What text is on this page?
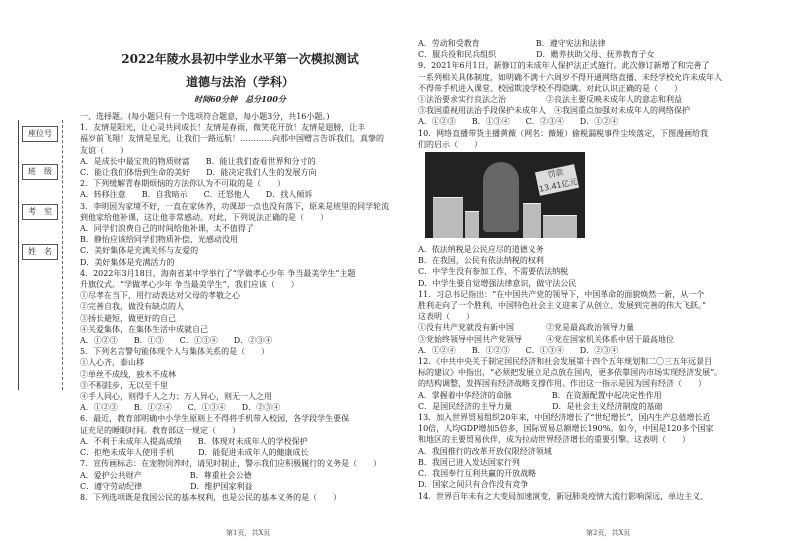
座位号
班　级
考　室
姓　名
2022年陵水县初中学业水平第一次模拟测试
道德与法治（学科）
时间60分钟　总分100分
一、选择题。(每小题只有一个选项符合题意，每小题3分，共16小题。)
1．友情是阳光，让心灵共同成长！友情是春雨，微笑花开放！友情是翅膀，让丰
福岁前飞翔！友情是星光，让我们一路远航！…………向那中国赠言告诉我们，真挚的
友谊（　　）
A．是成长中最宝贵的物质财富　　B．能让我们查看世界和分寸的
C．能让我们体悟到生命的美好　　D．能决定我们人生的发展方向
2．下列缓解青春期烦恼的方法你认为不可取的是（　　）
A．转移注意　　B．自我暗示　　C．迁怒他人　　D．找人倾诉
3．李明因为家境不好，一直在家休养，功课却一点也没有落下，原来是班里的同学轮流
到他家给他补课，这让他非常感动。对此，下列说法正确的是（　　）
A．同学们浪费自己的时间给他补课，太不值得了
B．静怡应该给同学们物质补偿，光感动没用
C．美好集体是充满关怀与友爱的
D．美好集体是充满活力的
4．2022年3月18日，海南省某中学举行了“学做孝心少年 争当最美学生”主题
升旗仪式。“学做孝心少年 争当最美学生”，我们应该（　　）
①尽孝在当下，用行动表达对父母的孝敬之心
②完善自我，做没有缺点的人
③扬长避短，做更好的自己
④关爱集体，在集体生活中成就自己
A．①②③　　B．①③　　C．①③④　　D．②③④
5．下列名言警句能体现个人与集体关系的是（　　）
①人心齐，泰山移
②单丝不成线，独木不成林
③不积跬步，无以至千里
④手人同心，则得千人之力；万人异心，则无一人之用
A．①②③　　B．①②④　　C．①③④　　D．②③④
6．最近，教育部明确中小学生原则上不得将手机带入校园，各学段学生要保
证充足的睡眠时间。教育部这一规定（　　）
A．不利于未成年人提高成绩　　B．体现对未成年人的学校保护
C．拒绝未成年人使用手机　　　D．能促进未成年人的健康成长
7．宣传画标志：在宠物饲养时，请见时制止，警示我们应积极履行的义务是（　　）
A．爱护公共财产　　　　　　B．尊重社会公德
C．遵守劳动纪律　　　　　　D．维护国家利益
8．下列选项既是我国公民的基本权利，也是公民的基本义务的是（　　）
A．劳动和受教育　　　　　　　B．遵守宪法和法律
C．服兵役和民兵组织　　　　　D．赡养扶助父母、抚养教育子女
9．2021年6月1日，新修订的未成年人保护法正式施行。此次修订新增了和完善了
一系列相关具体制度，如明确不满十六周岁不得开通网络直播、未经学校允许未成年人
不得带手机进入课堂、校园欺凌学校不得隐瞒。对此认识正确的是（　　）
①法治要求实行良法之治　　　　　②良法主要反映未成年人的意志和利益
③我国重视用法治手段保护未成年人　④我国重点加强对未成年人的网络保护
A．①②③　　B．①③④　　C．②③④　　D．①②④
10．网络直播带货主播黄薇（网名：薇娅）偷税漏税事件尘埃落定，下图漫画给我
们的启示（　　）
A．依法纳税是公民应尽的道德义务
B．在我国，公民有依法纳税的权利
C．中学生没有参加工作，不需要依法纳税
D．中学生要自觉增强法律意识，做守法公民
11．习总书记指出：“在中国共产党的领导下，中国革命的面貌焕然一新，从一个
胜利走向了一个胜利，中国特色社会主义迎来了从创立、发展到完善的伟大飞跃。”
这表明（　　）
①没有共产党就没有新中国　　　　②党是最高政治领导力量
③党始终领导中国共产党领导　　　④党在国家机关体系中居于最高地位
A．①②④　　B．①②③　　C．①③④　　D．②③④
12．《中共中央关于制定国民经济和社会发展第十四个五年规划和二〇三五年远景目
标的建议》中指出，“必须把发展立足点放在国内，更多依靠国内市场实现经济发展”。
的结构调整，发挥国有经济战略支撑作用。作出这一指示是因为国有经济（　　）
A．掌握着中华经济的命脉　　　　　B．在资源配置中起决定性作用
C．是国民经济的主导力量　　　　　D．是社会主义经济制度的基础
13．加入世界贸易组织20年来，中国经济增长了“世纪增长”，国内生产总值增长近
10倍，人均GDP增加5倍多，国际贸易总额增长190%。如今，中国是120多个国家
和地区的主要贸易伙伴，成为拉动世界经济增长的重要引擎。这表明（　　）
A．我国推行的改革开放仅限经济领域
B．我国已进入发达国家行列
C．我国奉行互利共赢的开放战略
D．国家之间只有合作没有竞争
14．世界百年未有之大变局加速演变，新冠肺炎疫情大流行影响深远，单边主义、
罚款 13.41亿元
第1页，共X页	第2页，共X页
